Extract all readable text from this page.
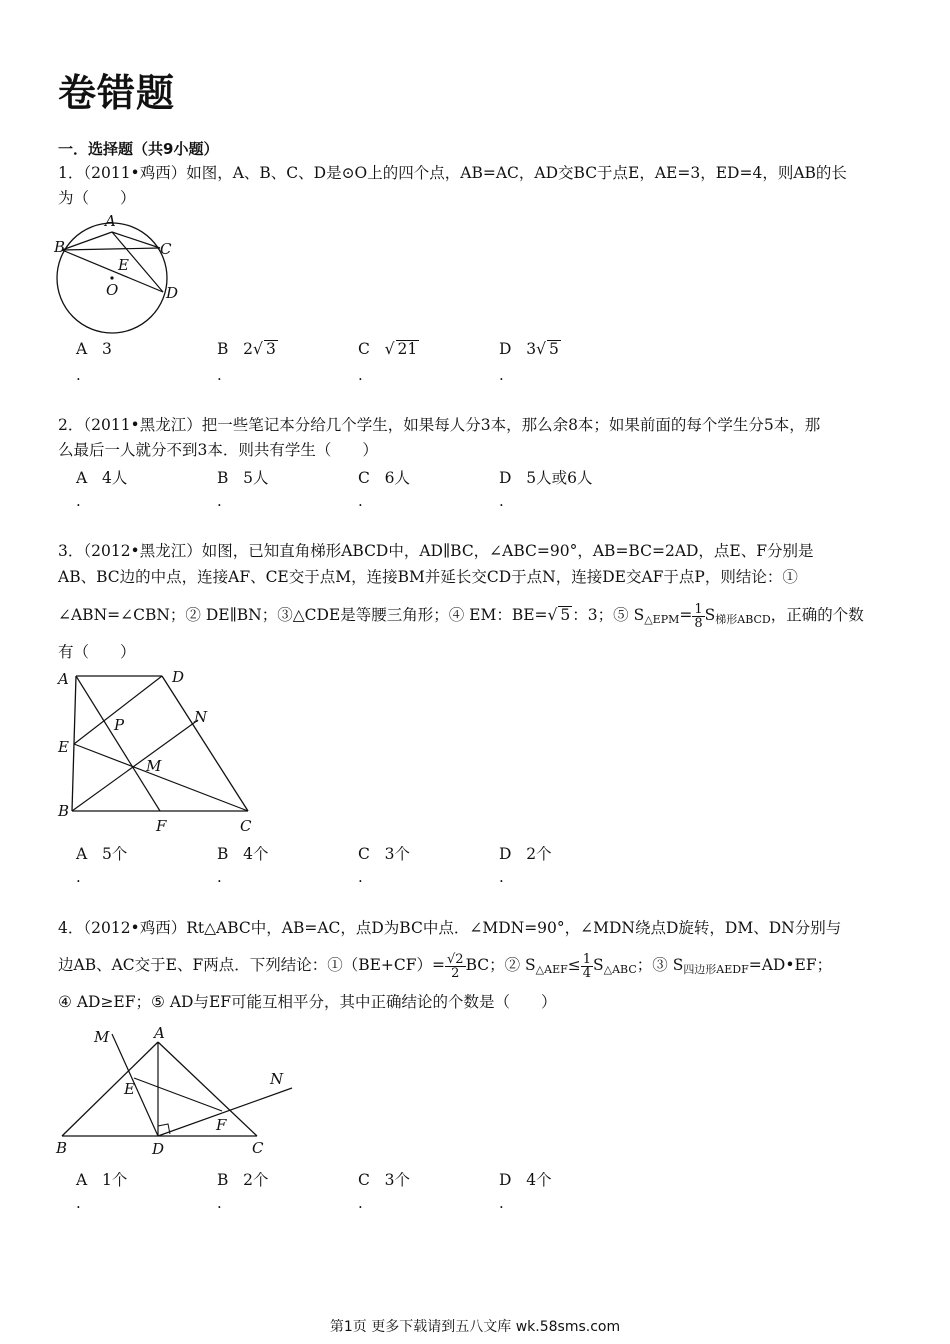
卷错题
一．选择题（共9小题）
1．（2011•鸡西）如图，A、B、C、D是⊙O上的四个点，AB=AC，AD交BC于点E，AE=3，ED=4，则AB的长
为（　　）
A
B	C
D
E
O
A 3	B 2√ 3	C   √ 21	D 3√ 5
.	.	.	.
2．（2011•黑龙江）把一些笔记本分给几个学生，如果每人分3本，那么余8本；如果前面的每个学生分5本，那
么最后一人就分不到3本．则共有学生（　　）
A 4人	B 5人	C 6人	D 5人或6人
.	.	.	.
3．（2012•黑龙江）如图，已知直角梯形ABCD中，AD∥BC，∠ABC=90°，AB=BC=2AD，点E、F分别是
AB、BC边的中点，连接AF、CE交于点M，连接BM并延长交CD于点N，连接DE交AF于点P，则结论：①
∠ABN=∠CBN；② DE∥BN；③△CDE是等腰三角形；④ EM：BE=√ 5 ：3；⑤ $S_{\triangle EPM}= \frac{1}{8} S_{梯形ABCD}$，正确的个数
有（　　）
A	D
E
B
F	C
P
M
N
A 5个	B 4个	C 3个	D 2个
.	.	.	.
4．（2012•鸡西）Rt△ABC中，AB=AC，点D为BC中点．∠MDN=90°，∠MDN绕点D旋转，DM、DN分别与
边AB、AC交于E、F两点．下列结论：①（BE+CF）= $\frac{√2}{2}$ BC；② $S_{\triangle AEF}\le \frac{1}{4} S_{\triangle ABC}$；③ $S_{四边形AEDF}=AD•EF$；
④ AD≥EF；⑤ AD与EF可能互相平分，其中正确结论的个数是（　　）
M	A
E
N
F
B	D	C
A 1个	B 2个	C 3个	D 4个
.	.	.	.
第1页 更多下载请到五八文库 wk.58sms.com
